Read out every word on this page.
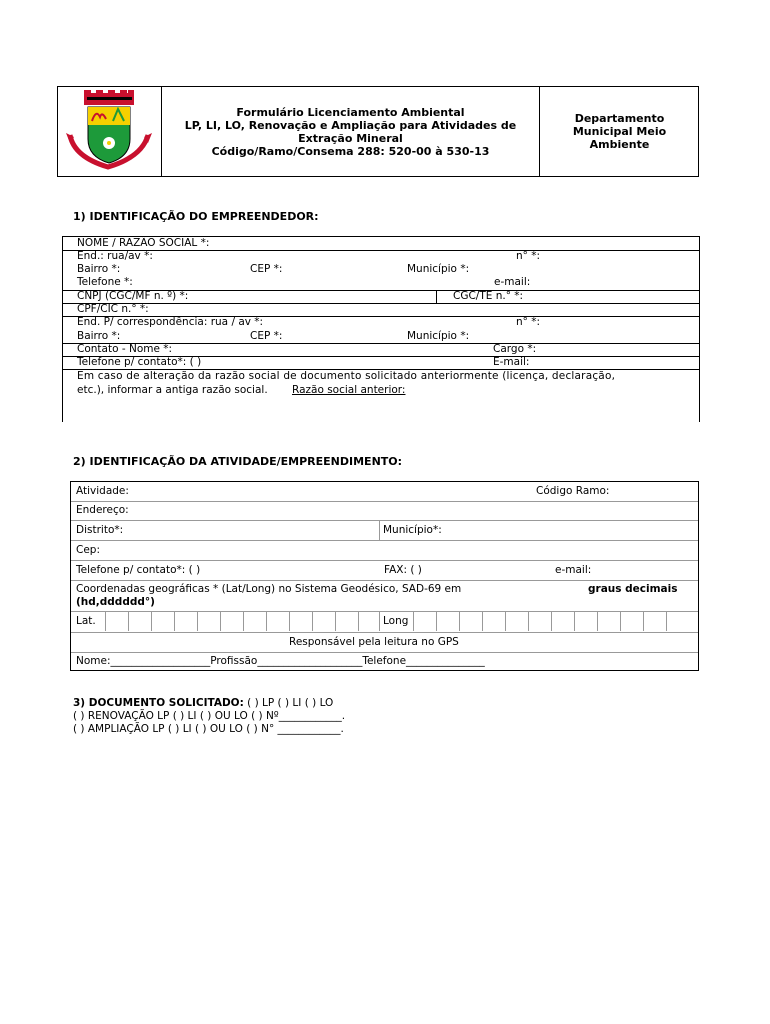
Formulário Licenciamento Ambiental
LP, LI, LO, Renovação e Ampliação para Atividades de
Extração Mineral
Código/Ramo/Consema 288: 520-00 à 530-13
Departamento
Municipal Meio
Ambiente
1) IDENTIFICAÇÃO DO EMPREENDEDOR:
NOME / RAZÃO SOCIAL *:
End.: rua/av *:	n° *:
Bairro *:	CEP *:	Município *:
Telefone *:	e-mail:
CNPJ (CGC/MF n. º) *:	CGC/TE n.° *:
CPF/CIC n.° *:
End. P/ correspondência: rua / av *:	n° *:
Bairro *:	CEP *:	Município *:
Contato - Nome *:	Cargo *:
Telefone p/ contato*: ( )	E-mail:
Em caso de alteração da razão social de documento solicitado anteriormente (licença, declaração,
etc.), informar a antiga razão social. Razão social anterior:
2) IDENTIFICAÇÃO DA ATIVIDADE/EMPREENDIMENTO:
Atividade:	Código Ramo:
Endereço:
Distrito*:	Município*:
Cep:
Telefone p/ contato*: ( )	FAX: ( )	e-mail:
Coordenadas geográficas * (Lat/Long) no Sistema Geodésico, SAD-69 em	graus decimais
(hd,dddddd°)
Lat.	Long
Responsável pela leitura no GPS
Nome:___________________Profissão____________________Telefone_______________
3) DOCUMENTO SOLICITADO: ( ) LP ( ) LI ( ) LO
( ) RENOVAÇÃO LP ( ) LI ( ) OU LO ( ) Nº____________.
( ) AMPLIAÇÃO LP ( ) LI ( ) OU LO ( ) N° ____________.
